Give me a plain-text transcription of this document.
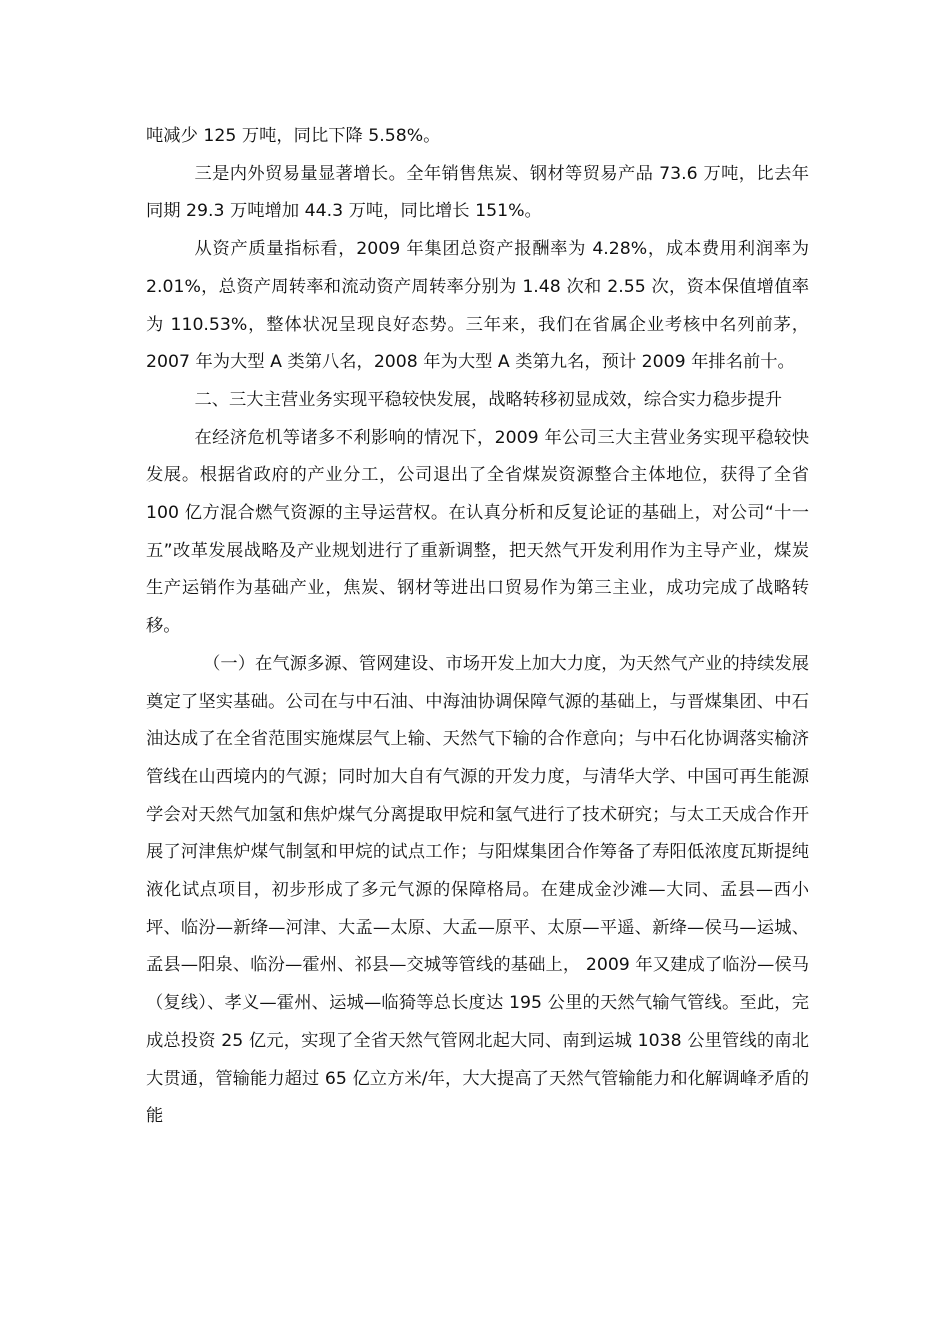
吨减少 125 万吨，同比下降 5.58%。

三是内外贸易量显著增长。全年销售焦炭、钢材等贸易产品 73.6 万吨，比去年同期 29.3 万吨增加 44.3 万吨，同比增长 151%。

从资产质量指标看，2009 年集团总资产报酬率为 4.28%，成本费用利润率为 2.01%，总资产周转率和流动资产周转率分别为 1.48 次和 2.55 次，资本保值增值率为 110.53%，整体状况呈现良好态势。三年来，我们在省属企业考核中名列前茅，2007 年为大型 A 类第八名，2008 年为大型 A 类第九名，预计 2009 年排名前十。

二、三大主营业务实现平稳较快发展，战略转移初显成效，综合实力稳步提升

在经济危机等诸多不利影响的情况下，2009 年公司三大主营业务实现平稳较快发展。根据省政府的产业分工，公司退出了全省煤炭资源整合主体地位，获得了全省 100 亿方混合燃气资源的主导运营权。在认真分析和反复论证的基础上，对公司“十一五”改革发展战略及产业规划进行了重新调整，把天然气开发利用作为主导产业，煤炭生产运销作为基础产业，焦炭、钢材等进出口贸易作为第三主业，成功完成了战略转移。

（一）在气源多源、管网建设、市场开发上加大力度，为天然气产业的持续发展奠定了坚实基础。公司在与中石油、中海油协调保障气源的基础上，与晋煤集团、中石油达成了在全省范围实施煤层气上输、天然气下输的合作意向；与中石化协调落实榆济管线在山西境内的气源；同时加大自有气源的开发力度，与清华大学、中国可再生能源学会对天然气加氢和焦炉煤气分离提取甲烷和氢气进行了技术研究；与太工天成合作开展了河津焦炉煤气制氢和甲烷的试点工作；与阳煤集团合作筹备了寿阳低浓度瓦斯提纯液化试点项目，初步形成了多元气源的保障格局。在建成金沙滩—大同、孟县—西小坪、临汾—新绛—河津、大孟—太原、大孟—原平、太原—平遥、新绛—侯马—运城、孟县—阳泉、临汾—霍州、祁县—交城等管线的基础上， 2009 年又建成了临汾—侯马（复线）、孝义—霍州、运城—临猗等总长度达 195 公里的天然气输气管线。至此，完成总投资 25 亿元，实现了全省天然气管网北起大同、南到运城 1038 公里管线的南北大贯通，管输能力超过 65 亿立方米/年，大大提高了天然气管输能力和化解调峰矛盾的能
